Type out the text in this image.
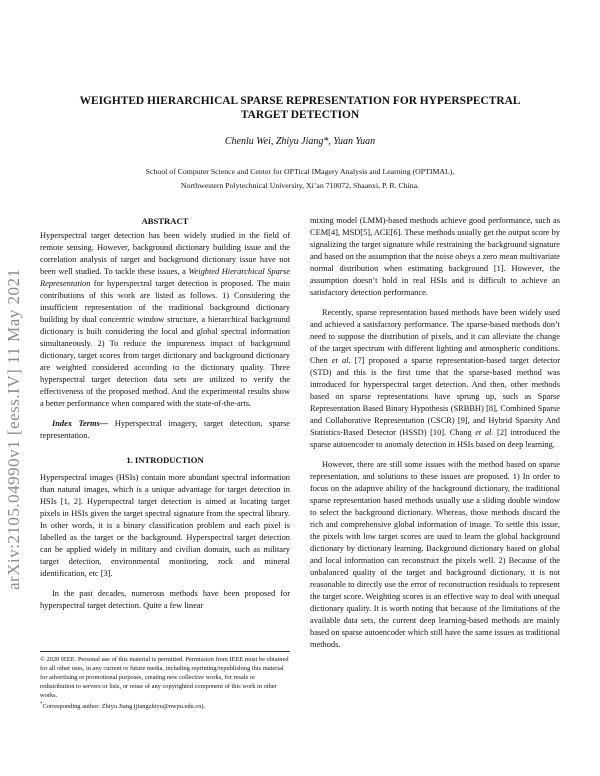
arXiv:2105.04990v1 [eess.IV] 11 May 2021
WEIGHTED HIERARCHICAL SPARSE REPRESENTATION FOR HYPERSPECTRAL
TARGET DETECTION
Chenlu Wei, Zhiyu Jiang*, Yuan Yuan
School of Computer Science and Center for OPTical IMagery Analysis and Learning (OPTIMAL),
Northwestern Polytechnical University, Xi’an 710072, Shaanxi, P. R. China.
ABSTRACT

Hyperspectral target detection has been widely studied in the field of remote sensing. However, background dictionary building issue and the correlation analysis of target and background dictionary issue have not been well studied. To tackle these issues, a Weighted Hierarchical Sparse Representation for hyperspectral target detection is proposed. The main contributions of this work are listed as follows. 1) Considering the insufficient representation of the traditional background dictionary building by dual concentric window structure, a hierarchical background dictionary is built considering the local and global spectral information simultaneously. 2) To reduce the impureness impact of background dictionary, target scores from target dictionary and background dictionary are weighted considered according to the dictionary quality. Three hyperspectral target detection data sets are utilized to verify the effectiveness of the proposed method. And the experimental results show a better performance when compared with the state-of-the-arts.

Index Terms— Hyperspectral imagery, target detection, sparse representation.

1. INTRODUCTION

Hyperspectral images (HSIs) contain more abundant spectral information than natural images, which is a unique advantage for target detection in HSIs [1, 2]. Hyperspectral target detection is aimed at locating target pixels in HSIs given the target spectral signature from the spectral library. In other words, it is a binary classification problem and each pixel is labelled as the target or the background. Hyperspectral target detection can be applied widely in military and civilian domain, such as military target detection, environmental monitoring, rock and mineral identification, etc [3].

In the past decades, numerous methods have been proposed for hyperspectral target detection. Quite a few linear

mixing model (LMM)-based methods achieve good performance, such as CEM[4], MSD[5], ACE[6]. These methods usually get the output score by signalizing the target signature while restraining the background signature and based on the assumption that the noise obeys a zero mean multivariate normal distribution when estimating background [1]. However, the assumption doesn’t hold in real HSIs and is difficult to achieve an satisfactory detection performance.

Recently, sparse representation based methods have been widely used and achieved a satisfactory performance. The sparse-based methods don’t need to suppose the distribution of pixels, and it can alleviate the change of the target spectrum with different lighting and atmospheric conditions. Chen et al. [7] proposed a sparse representation-based target detector (STD) and this is the first time that the sparse-based method was introduced for hyperspectral target detection. And then, other methods based on sparse representations have sprung up, such as Sparse Representation Based Binary Hypothesis (SRBBH) [8], Combined Sparse and Collaborative Representation (CSCR) [9], and Hybrid Sparsity And Statistics-Based Detector (HSSD) [10]. Chang et al. [2] introduced the sparse autoencoder to anomaly detection in HSIs based on deep learning.

However, there are still some issues with the method based on sparse representation, and solutions to these issues are proposed. 1) In order to focus on the adaptive ability of the background dictionary, the traditional sparse representation based methods usually use a sliding double window to select the background dictionary. Whereas, those methods discard the rich and comprehensive global information of image. To settle this issue, the pixels with low target scores are used to learn the global background dictionary by dictionary learning. Background dictionary based on global and local information can reconstruct the pixels well. 2) Because of the unbalanced quality of the target and background dictionary, it is not reasonable to directly use the error of reconstruction residuals to represent the target score. Weighting scores is an effective way to deal with unequal dictionary quality. It is worth noting that because of the limitations of the available data sets, the current deep learning-based methods are mainly based on sparse autoencoder which still have the same issues as traditional methods.

© 2020 IEEE. Personal use of this material is permitted. Permission from IEEE must be obtained for all other uses, in any current or future media, including reprinting/republishing this material for advertising or promotional purposes, creating new collective works, for resale or redistribution to servers or lists, or reuse of any copyrighted component of this work in other works.

*Corresponding author: Zhiyu Jiang (jiangzhiyu@nwpu.edu.cn).
